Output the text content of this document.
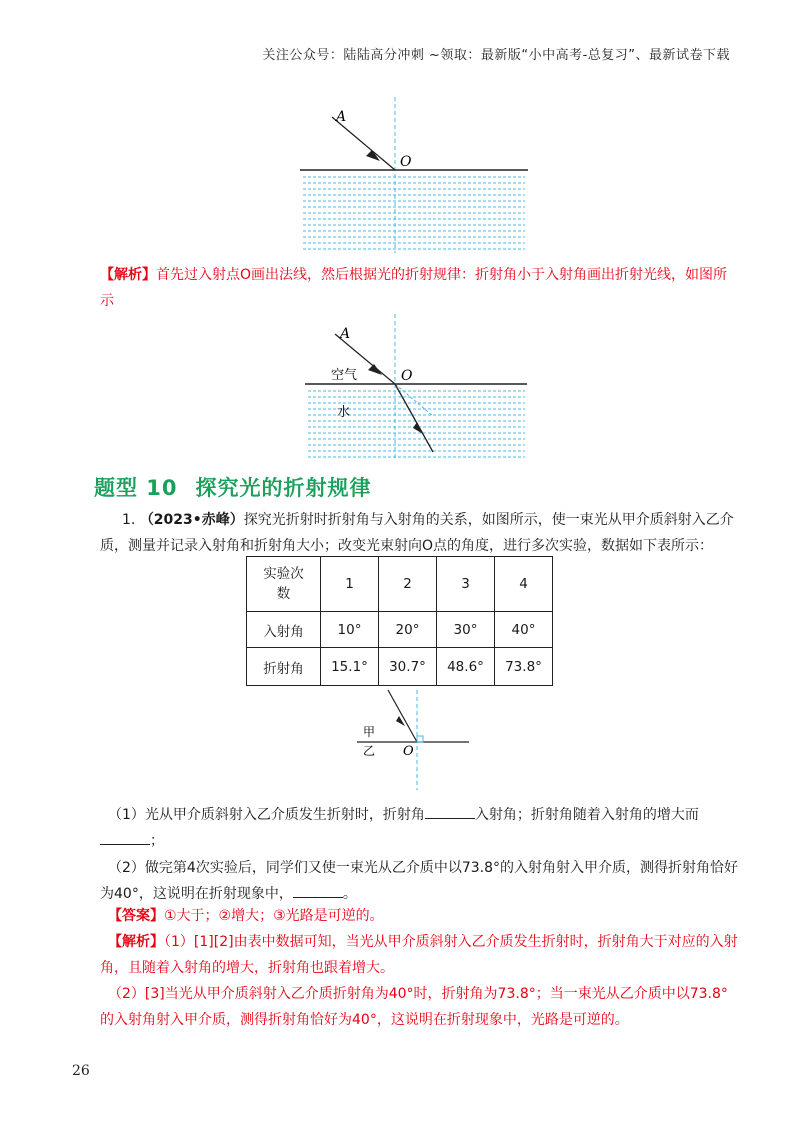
关注公众号：陆陆高分冲刺 ~领取：最新版“小中高考-总复习”、最新试卷下载
A
O
【解析】首先过入射点O画出法线，然后根据光的折射规律：折射角小于入射角画出折射光线，如图所示
A
O
空气
水
题型 10 探究光的折射规律
1. （2023•赤峰）探究光折射时折射角与入射角的关系，如图所示，使一束光从甲介质斜射入乙介质，测量并记录入射角和折射角大小；改变光束射向O点的角度，进行多次实验，数据如下表所示：
实验次数	1	2	3	4
入射角	10°	20°	30°	40°
折射角	15.1°	30.7°	48.6°	73.8°
甲
乙 O
（1）光从甲介质斜射入乙介质发生折射时，折射角	入射角；折射角随着入射角的增大而；
（2）做完第4次实验后，同学们又使一束光从乙介质中以73.8°的入射角射入甲介质，测得折射角恰好为40°，这说明在折射现象中，	。
【答案】①大于；②增大；③光路是可逆的。
【解析】（1）[1][2]由表中数据可知，当光从甲介质斜射入乙介质发生折射时，折射角大于对应的入射角，且随着入射角的增大，折射角也跟着增大。
（2）[3]当光从甲介质斜射入乙介质折射角为40°时，折射角为73.8°；当一束光从乙介质中以73.8°的入射角射入甲介质，测得折射角恰好为40°，这说明在折射现象中，光路是可逆的。
26
